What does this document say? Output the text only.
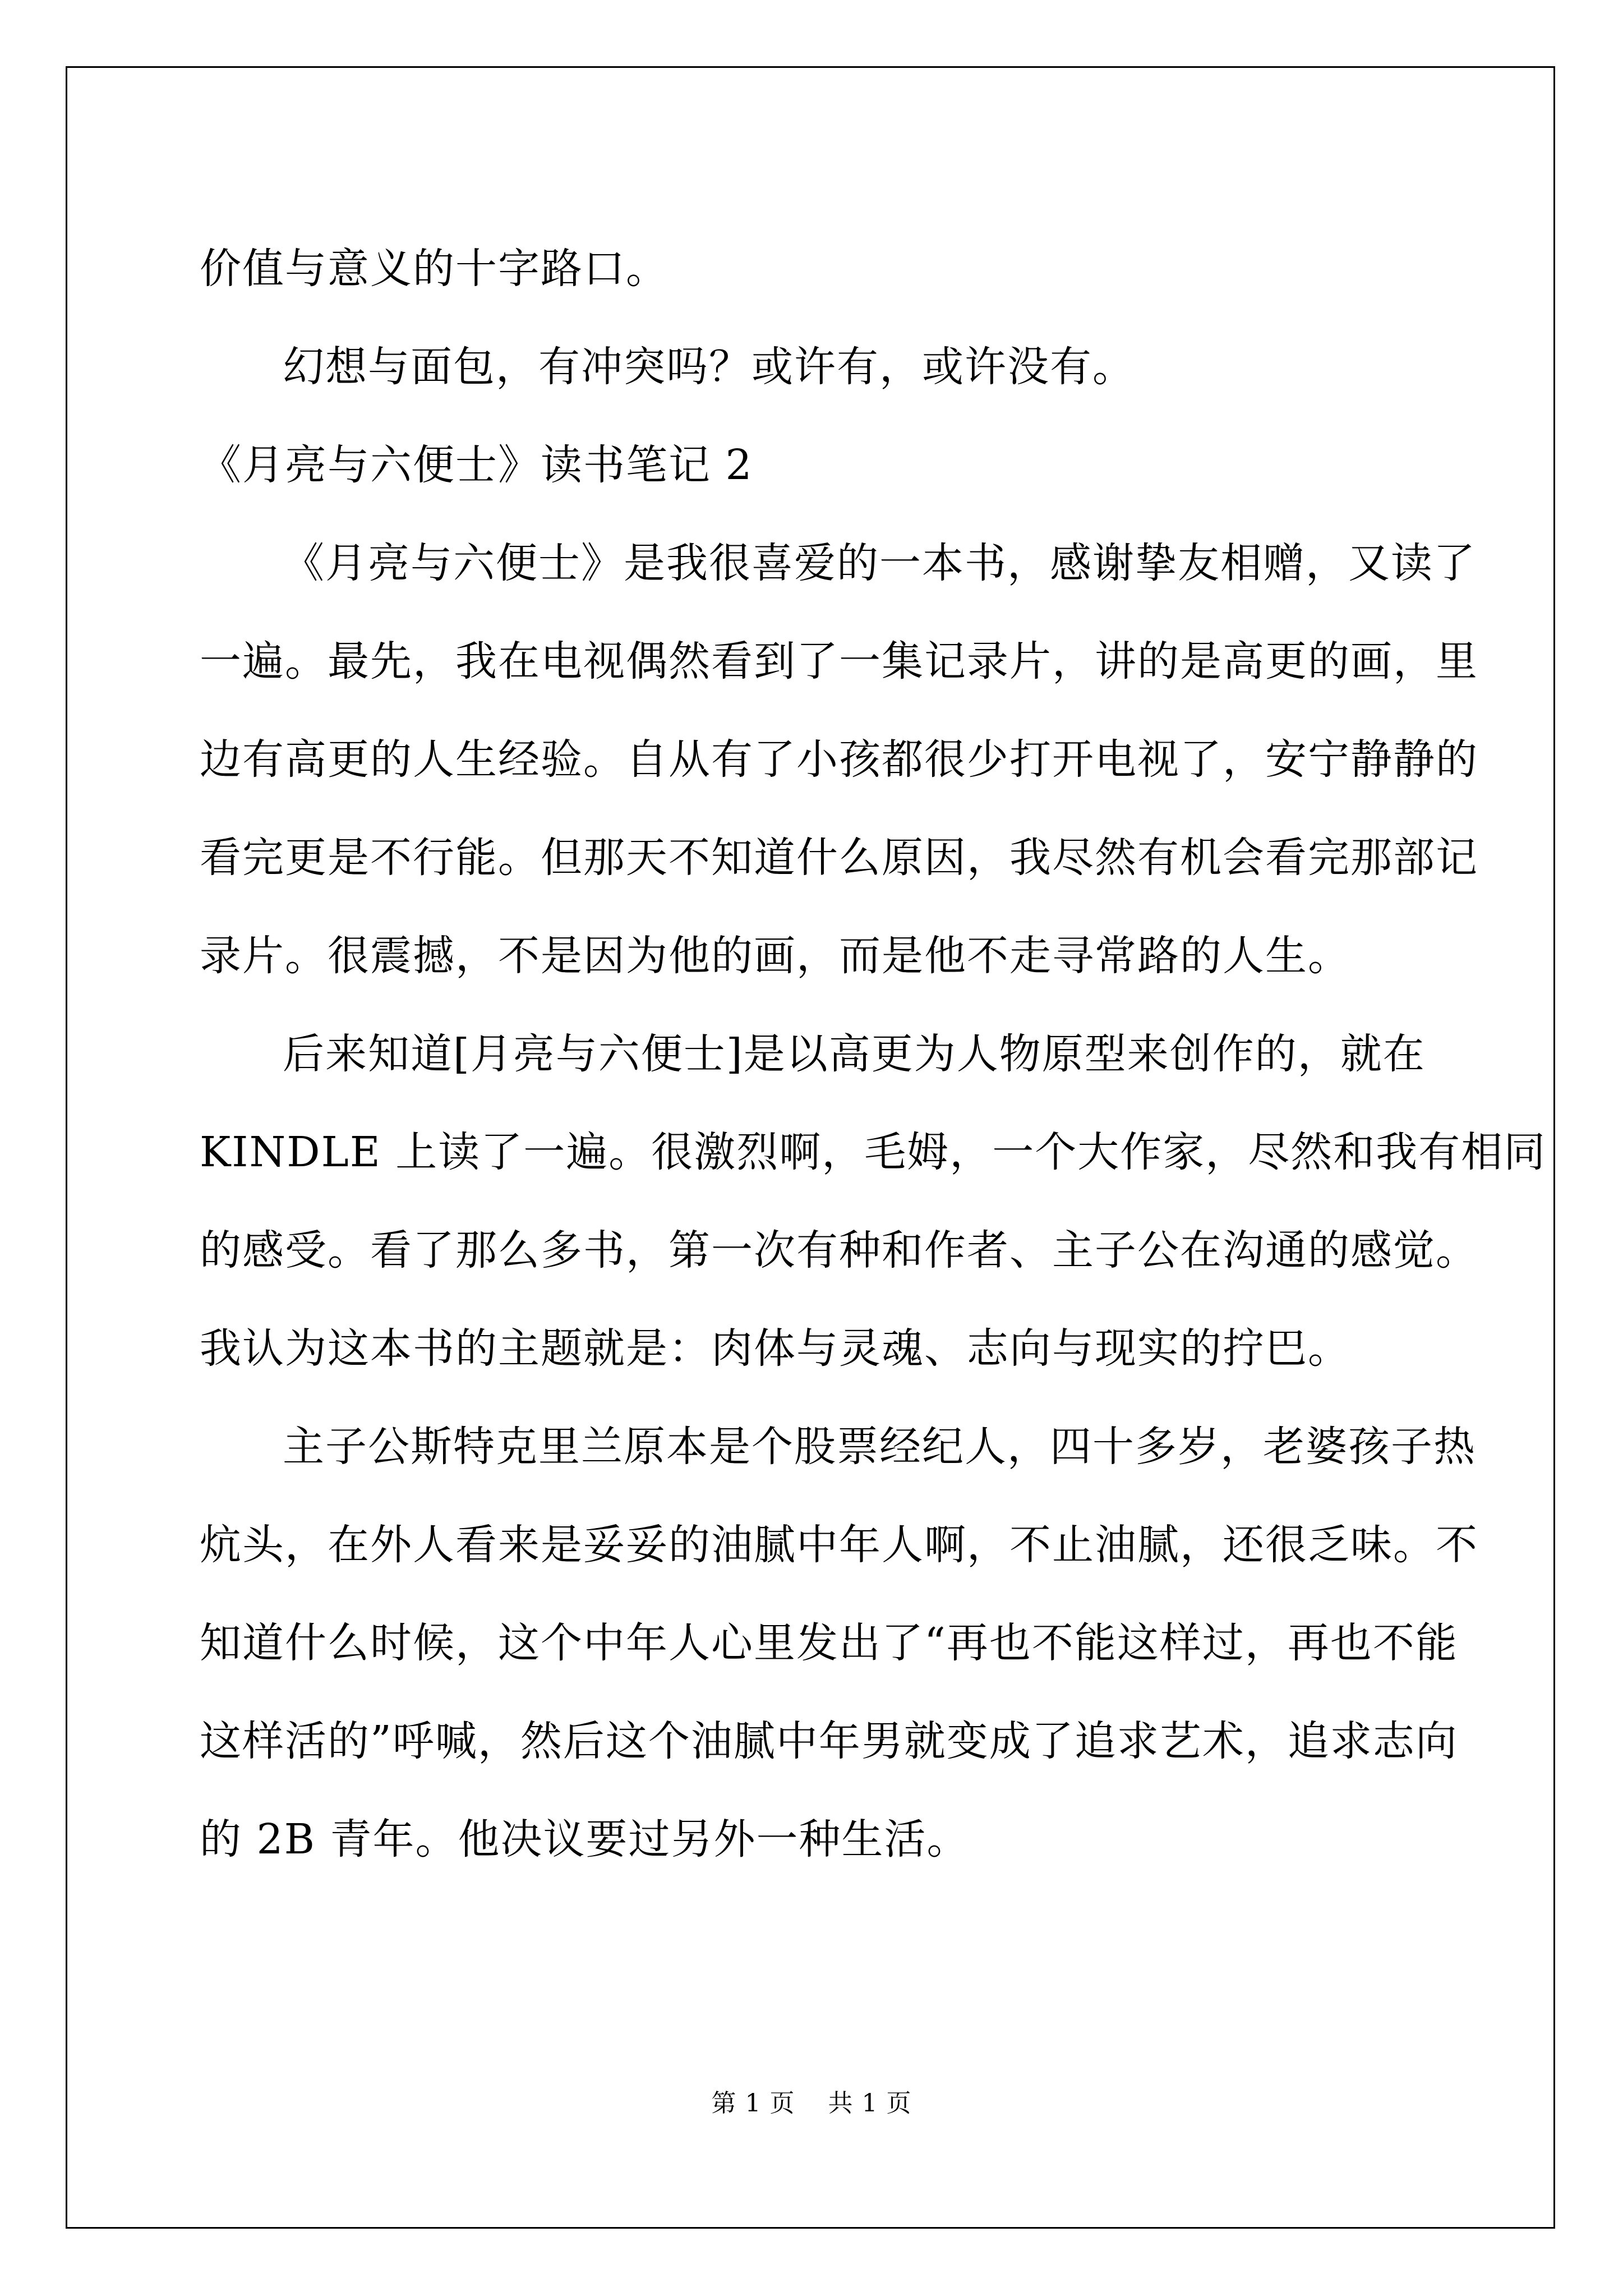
价值与意义的十字路口。
幻想与面包，有冲突吗？或许有，或许没有。
《月亮与六便士》读书笔记 2
《月亮与六便士》是我很喜爱的一本书，感谢挚友相赠，又读了
一遍。最先，我在电视偶然看到了一集记录片，讲的是高更的画，里
边有高更的人生经验。自从有了小孩都很少打开电视了，安宁静静的
看完更是不行能。但那天不知道什么原因，我尽然有机会看完那部记
录片。很震撼，不是因为他的画，而是他不走寻常路的人生。
后来知道[月亮与六便士]是以高更为人物原型来创作的，就在
KINDLE 上读了一遍。很激烈啊，毛姆，一个大作家，尽然和我有相同
的感受。看了那么多书，第一次有种和作者、主子公在沟通的感觉。
我认为这本书的主题就是：肉体与灵魂、志向与现实的拧巴。
主子公斯特克里兰原本是个股票经纪人，四十多岁，老婆孩子热
炕头，在外人看来是妥妥的油腻中年人啊，不止油腻，还很乏味。不
知道什么时候，这个中年人心里发出了“再也不能这样过，再也不能
这样活的”呼喊，然后这个油腻中年男就变成了追求艺术，追求志向
的 2B 青年。他决议要过另外一种生活。
第 1 页 共 1 页
